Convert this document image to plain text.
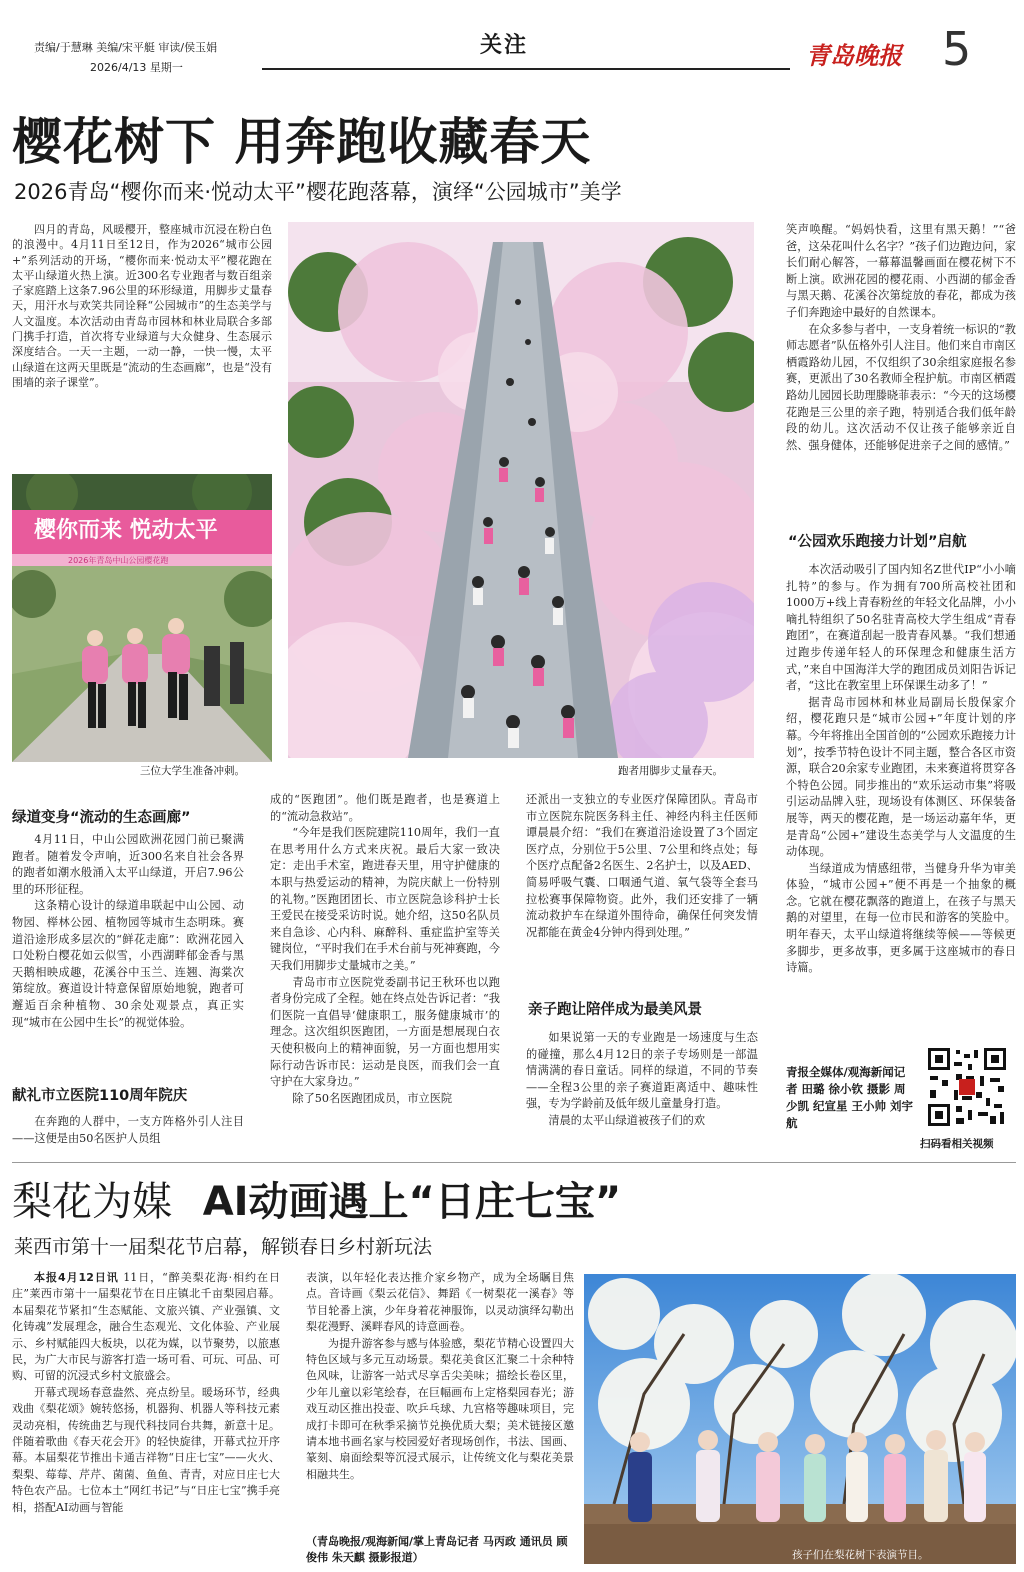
责编/于慧琳 美编/宋平艇 审读/侯玉娟
2026/4/13 星期一
关注	青岛晚报 5
樱花树下 用奔跑收藏春天
2026青岛“樱你而来·悦动太平”樱花跑落幕，演绎“公园城市”美学

四月的青岛，风暖樱开，整座城市沉浸在粉白色的浪漫中。4月11日至12日，作为2026“城市公园+”系列活动的开场，“樱你而来·悦动太平”樱花跑在太平山绿道火热上演。近300名专业跑者与数百组亲子家庭踏上这条7.96公里的环形绿道，用脚步丈量春天，用汗水与欢笑共同诠释“公园城市”的生态美学与人文温度。本次活动由青岛市园林和林业局联合多部门携手打造，首次将专业绿道与大众健身、生态展示深度结合。一天一主题，一动一静，一快一慢，太平山绿道在这两天里既是“流动的生态画廊”，也是“没有围墙的亲子课堂”。

樱你而来 悦动太平
2026年青岛中山公园樱花跑
三位大学生准备冲刺。	跑者用脚步丈量春天。
绿道变身“流动的生态画廊”

4月11日，中山公园欧洲花园门前已聚满跑者。随着发令声响，近300名来自社会各界的跑者如潮水般涌入太平山绿道，开启7.96公里的环形征程。

这条精心设计的绿道串联起中山公园、动物园、榉林公园、植物园等城市生态明珠。赛道沿途形成多层次的“鲜花走廊”：欧洲花园入口处粉白樱花如云似雪，小西湖畔郁金香与黑天鹅相映成趣，花溪谷中玉兰、连翘、海棠次第绽放。赛道设计特意保留原始地貌，跑者可邂逅百余种植物、30余处观景点，真正实现“城市在公园中生长”的视觉体验。

献礼市立医院110周年院庆

在奔跑的人群中，一支方阵格外引人注目——这便是由50名医护人员组

成的“医跑团”。他们既是跑者，也是赛道上的“流动急救站”。

“今年是我们医院建院110周年，我们一直在思考用什么方式来庆祝。最后大家一致决定：走出手术室，跑进春天里，用守护健康的本职与热爱运动的精神，为院庆献上一份特别的礼物。”医跑团团长、市立医院急诊科护士长王爱民在接受采访时说。她介绍，这50名队员来自急诊、心内科、麻醉科、重症监护室等关键岗位，“平时我们在手术台前与死神赛跑，今天我们用脚步丈量城市之美。”

青岛市市立医院党委副书记王秋环也以跑者身份完成了全程。她在终点处告诉记者：“我们医院一直倡导‘健康职工，服务健康城市’的理念。这次组织医跑团，一方面是想展现白衣天使积极向上的精神面貌，另一方面也想用实际行动告诉市民：运动是良医，而我们会一直守护在大家身边。”

除了50名医跑团成员，市立医院

还派出一支独立的专业医疗保障团队。青岛市市立医院东院医务科主任、神经内科主任医师谭晨晨介绍：“我们在赛道沿途设置了3个固定医疗点，分别位于5公里、7公里和终点处；每个医疗点配备2名医生、2名护士，以及AED、简易呼吸气囊、口咽通气道、氧气袋等全套马拉松赛事保障物资。此外，我们还安排了一辆流动救护车在绿道外围待命，确保任何突发情况都能在黄金4分钟内得到处理。”

亲子跑让陪伴成为最美风景

如果说第一天的专业跑是一场速度与生态的碰撞，那么4月12日的亲子专场则是一部温情满满的春日童话。同样的绿道，不同的节奏——全程3公里的亲子赛道距离适中、趣味性强，专为学龄前及低年级儿童量身打造。

清晨的太平山绿道被孩子们的欢

笑声唤醒。“妈妈快看，这里有黑天鹅！”“爸爸，这朵花叫什么名字？”孩子们边跑边问，家长们耐心解答，一幕幕温馨画面在樱花树下不断上演。欧洲花园的樱花雨、小西湖的郁金香与黑天鹅、花溪谷次第绽放的春花，都成为孩子们奔跑途中最好的自然课本。

在众多参与者中，一支身着统一标识的“教师志愿者”队伍格外引人注目。他们来自市南区栖霞路幼儿园，不仅组织了30余组家庭报名参赛，更派出了30名教师全程护航。市南区栖霞路幼儿园园长助理滕晓菲表示：“今天的这场樱花跑是三公里的亲子跑，特别适合我们低年龄段的幼儿。这次活动不仅让孩子能够亲近自然、强身健体，还能够促进亲子之间的感情。”

“公园欢乐跑接力计划”启航

本次活动吸引了国内知名Z世代IP“小小嘀扎特”的参与。作为拥有700所高校社团和1000万+线上青春粉丝的年轻文化品牌，小小嘀扎特组织了50名驻青高校大学生组成“青春跑团”，在赛道刮起一股青春风暴。“我们想通过跑步传递年轻人的环保理念和健康生活方式，”来自中国海洋大学的跑团成员刘阳告诉记者，“这比在教室里上环保课生动多了！”

据青岛市园林和林业局副局长殷保家介绍，樱花跑只是“城市公园+”年度计划的序幕。今年将推出全国首创的“公园欢乐跑接力计划”，按季节特色设计不同主题，整合各区市资源，联合20余家专业跑团，未来赛道将贯穿各个特色公园。同步推出的“欢乐运动市集”将吸引运动品牌入驻，现场设有体测区、环保装备展等，两天的樱花跑，是一场运动嘉年华，更是青岛“公园+”建设生态美学与人文温度的生动体现。

当绿道成为情感纽带，当健身升华为审美体验，“城市公园+”便不再是一个抽象的概念。它就在樱花飘落的跑道上，在孩子与黑天鹅的对望里，在每一位市民和游客的笑脸中。明年春天，太平山绿道将继续等候——等候更多脚步，更多故事，更多属于这座城市的春日诗篇。

青报全媒体/观海新闻记者 田璐 徐小钦 摄影 周少凯 纪宣星 王小帅 刘宇航
扫码看相关视频
梨花为媒 AI动画遇上“日庄七宝”
莱西市第十一届梨花节启幕，解锁春日乡村新玩法

本报4月12日讯 11日，“醉美梨花海·相约在日庄”莱西市第十一届梨花节在日庄镇北千亩梨园启幕。本届梨花节紧扣“生态赋能、文旅兴镇、产业强镇、文化铸魂”发展理念，融合生态观光、文化体验、产业展示、乡村赋能四大板块，以花为媒，以节聚势，以旅惠民，为广大市民与游客打造一场可看、可玩、可品、可购、可留的沉浸式乡村文旅盛会。

开幕式现场春意盎然、亮点纷呈。暖场环节，经典戏曲《梨花颂》婉转悠扬，机器狗、机器人等科技元素灵动亮相，传统曲艺与现代科技同台共舞，新意十足。伴随着歌曲《春天花会开》的轻快旋律，开幕式拉开序幕。本届梨花节推出卡通吉祥物“日庄七宝”——火火、梨梨、莓莓、芹芹、菌菌、鱼鱼、青青，对应日庄七大特色农产品。七位本土“网红书记”与“日庄七宝”携手亮相，搭配AI动画与智能

表演，以年轻化表达推介家乡物产，成为全场瞩目焦点。音诗画《梨云花信》、舞蹈《一树梨花一溪春》等节目轮番上演，少年身着花神服饰，以灵动演绎勾勒出梨花漫野、溪畔春风的诗意画卷。

为提升游客参与感与体验感，梨花节精心设置四大特色区域与多元互动场景。梨花美食区汇聚二十余种特色风味，让游客一站式尽享舌尖美味；描绘长卷区里，少年儿童以彩笔绘春，在巨幅画布上定格梨园春光；游戏互动区推出投壶、吹乒乓球、九宫格等趣味项目，完成打卡即可在秋季采摘节兑换优质大梨；美术链接区邀请本地书画名家与校园爱好者现场创作，书法、国画、篆刻、扇面绘梨等沉浸式展示，让传统文化与梨花美景相融共生。

（青岛晚报/观海新闻/掌上青岛记者 马丙政 通讯员 顾俊伟 朱天麒 摄影报道）	孩子们在梨花树下表演节目。
